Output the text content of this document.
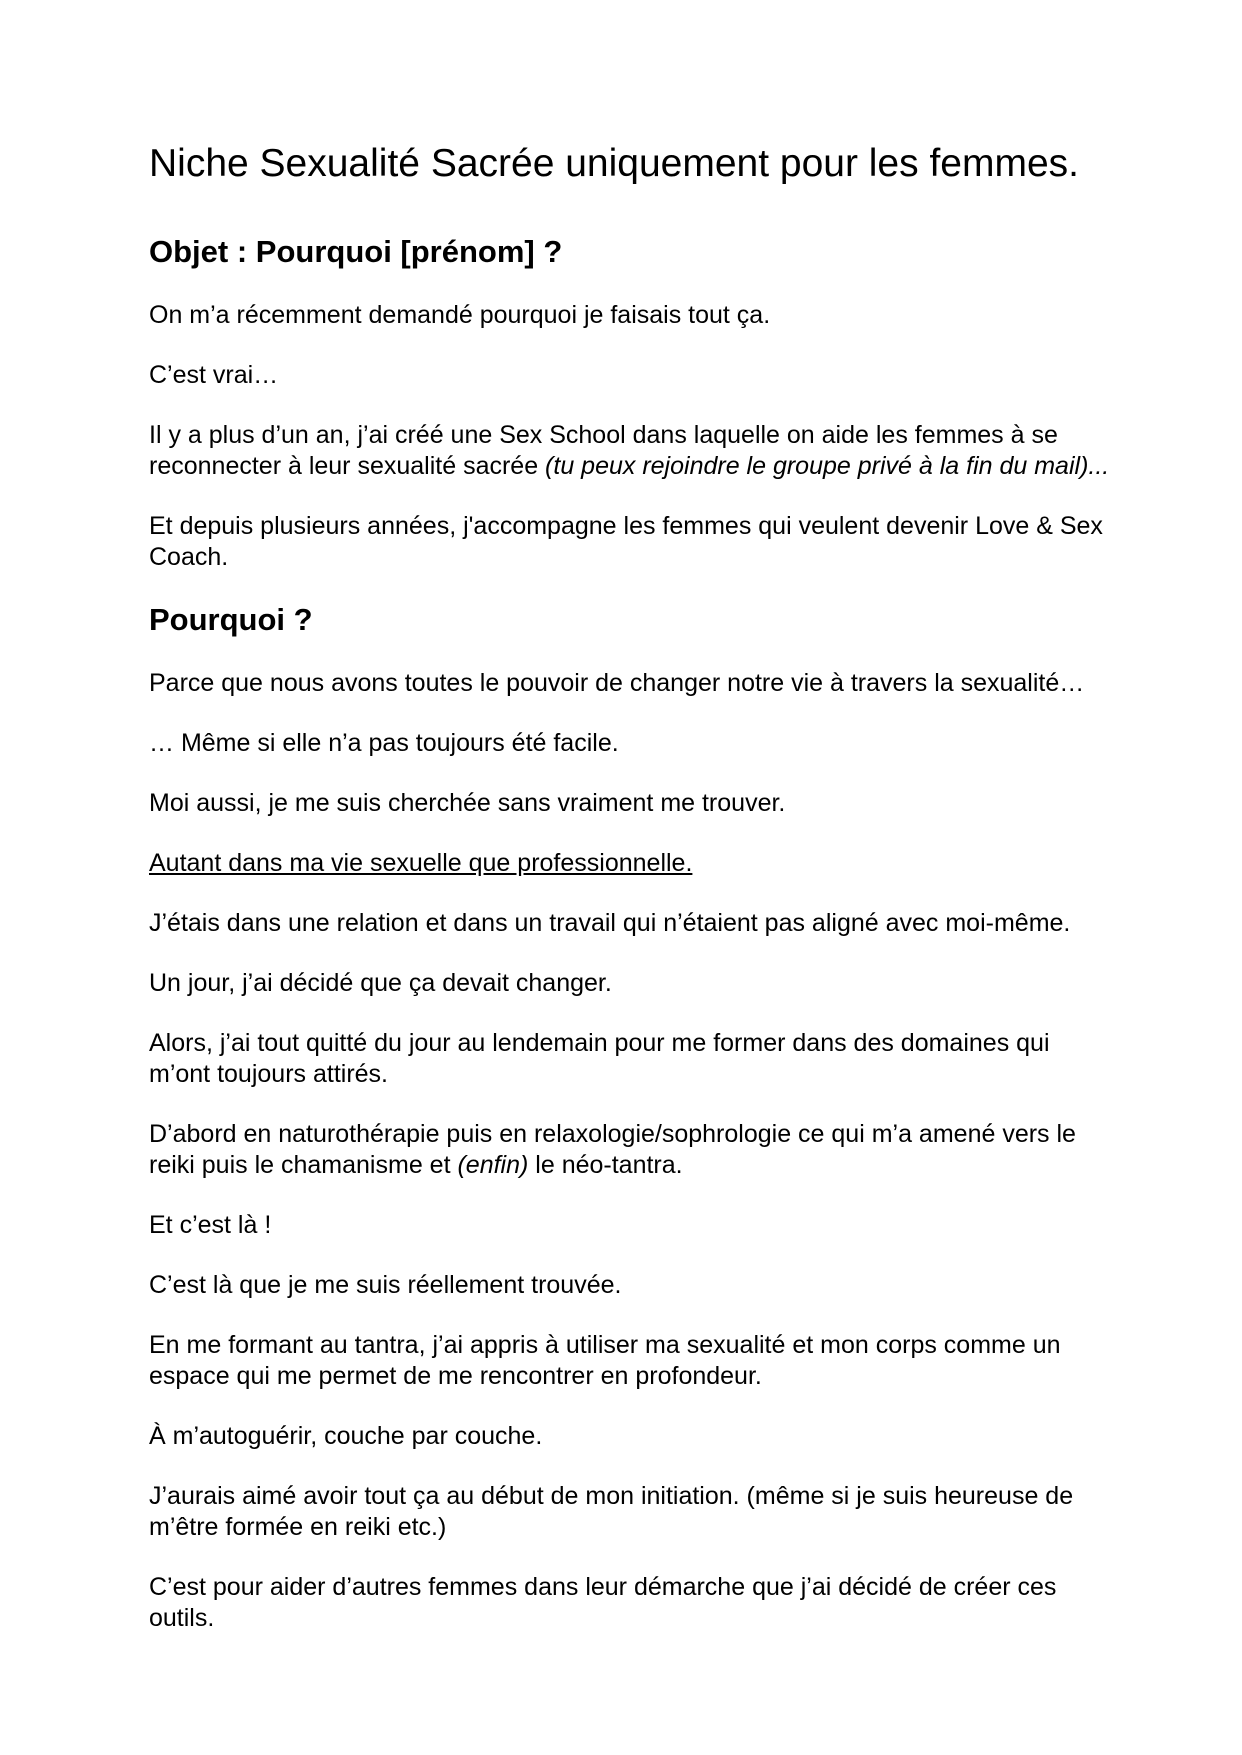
Niche Sexualité Sacrée uniquement pour les femmes.
Objet : Pourquoi [prénom] ?

On m’a récemment demandé pourquoi je faisais tout ça.

C’est vrai…

Il y a plus d’un an, j’ai créé une Sex School dans laquelle on aide les femmes à se reconnecter à leur sexualité sacrée (tu peux rejoindre le groupe privé à la fin du mail)...

Et depuis plusieurs années, j'accompagne les femmes qui veulent devenir Love & Sex Coach.

Pourquoi ?

Parce que nous avons toutes le pouvoir de changer notre vie à travers la sexualité…

… Même si elle n’a pas toujours été facile.

Moi aussi, je me suis cherchée sans vraiment me trouver.

Autant dans ma vie sexuelle que professionnelle.

J’étais dans une relation et dans un travail qui n’étaient pas aligné avec moi-même.

Un jour, j’ai décidé que ça devait changer.

Alors, j’ai tout quitté du jour au lendemain pour me former dans des domaines qui m’ont toujours attirés.

D’abord en naturothérapie puis en relaxologie/sophrologie ce qui m’a amené vers le reiki puis le chamanisme et (enfin) le néo-tantra.

Et c’est là !

C’est là que je me suis réellement trouvée.

En me formant au tantra, j’ai appris à utiliser ma sexualité et mon corps comme un espace qui me permet de me rencontrer en profondeur.

À m’autoguérir, couche par couche.

J’aurais aimé avoir tout ça au début de mon initiation. (même si je suis heureuse de m’être formée en reiki etc.)

C’est pour aider d’autres femmes dans leur démarche que j’ai décidé de créer ces outils.
